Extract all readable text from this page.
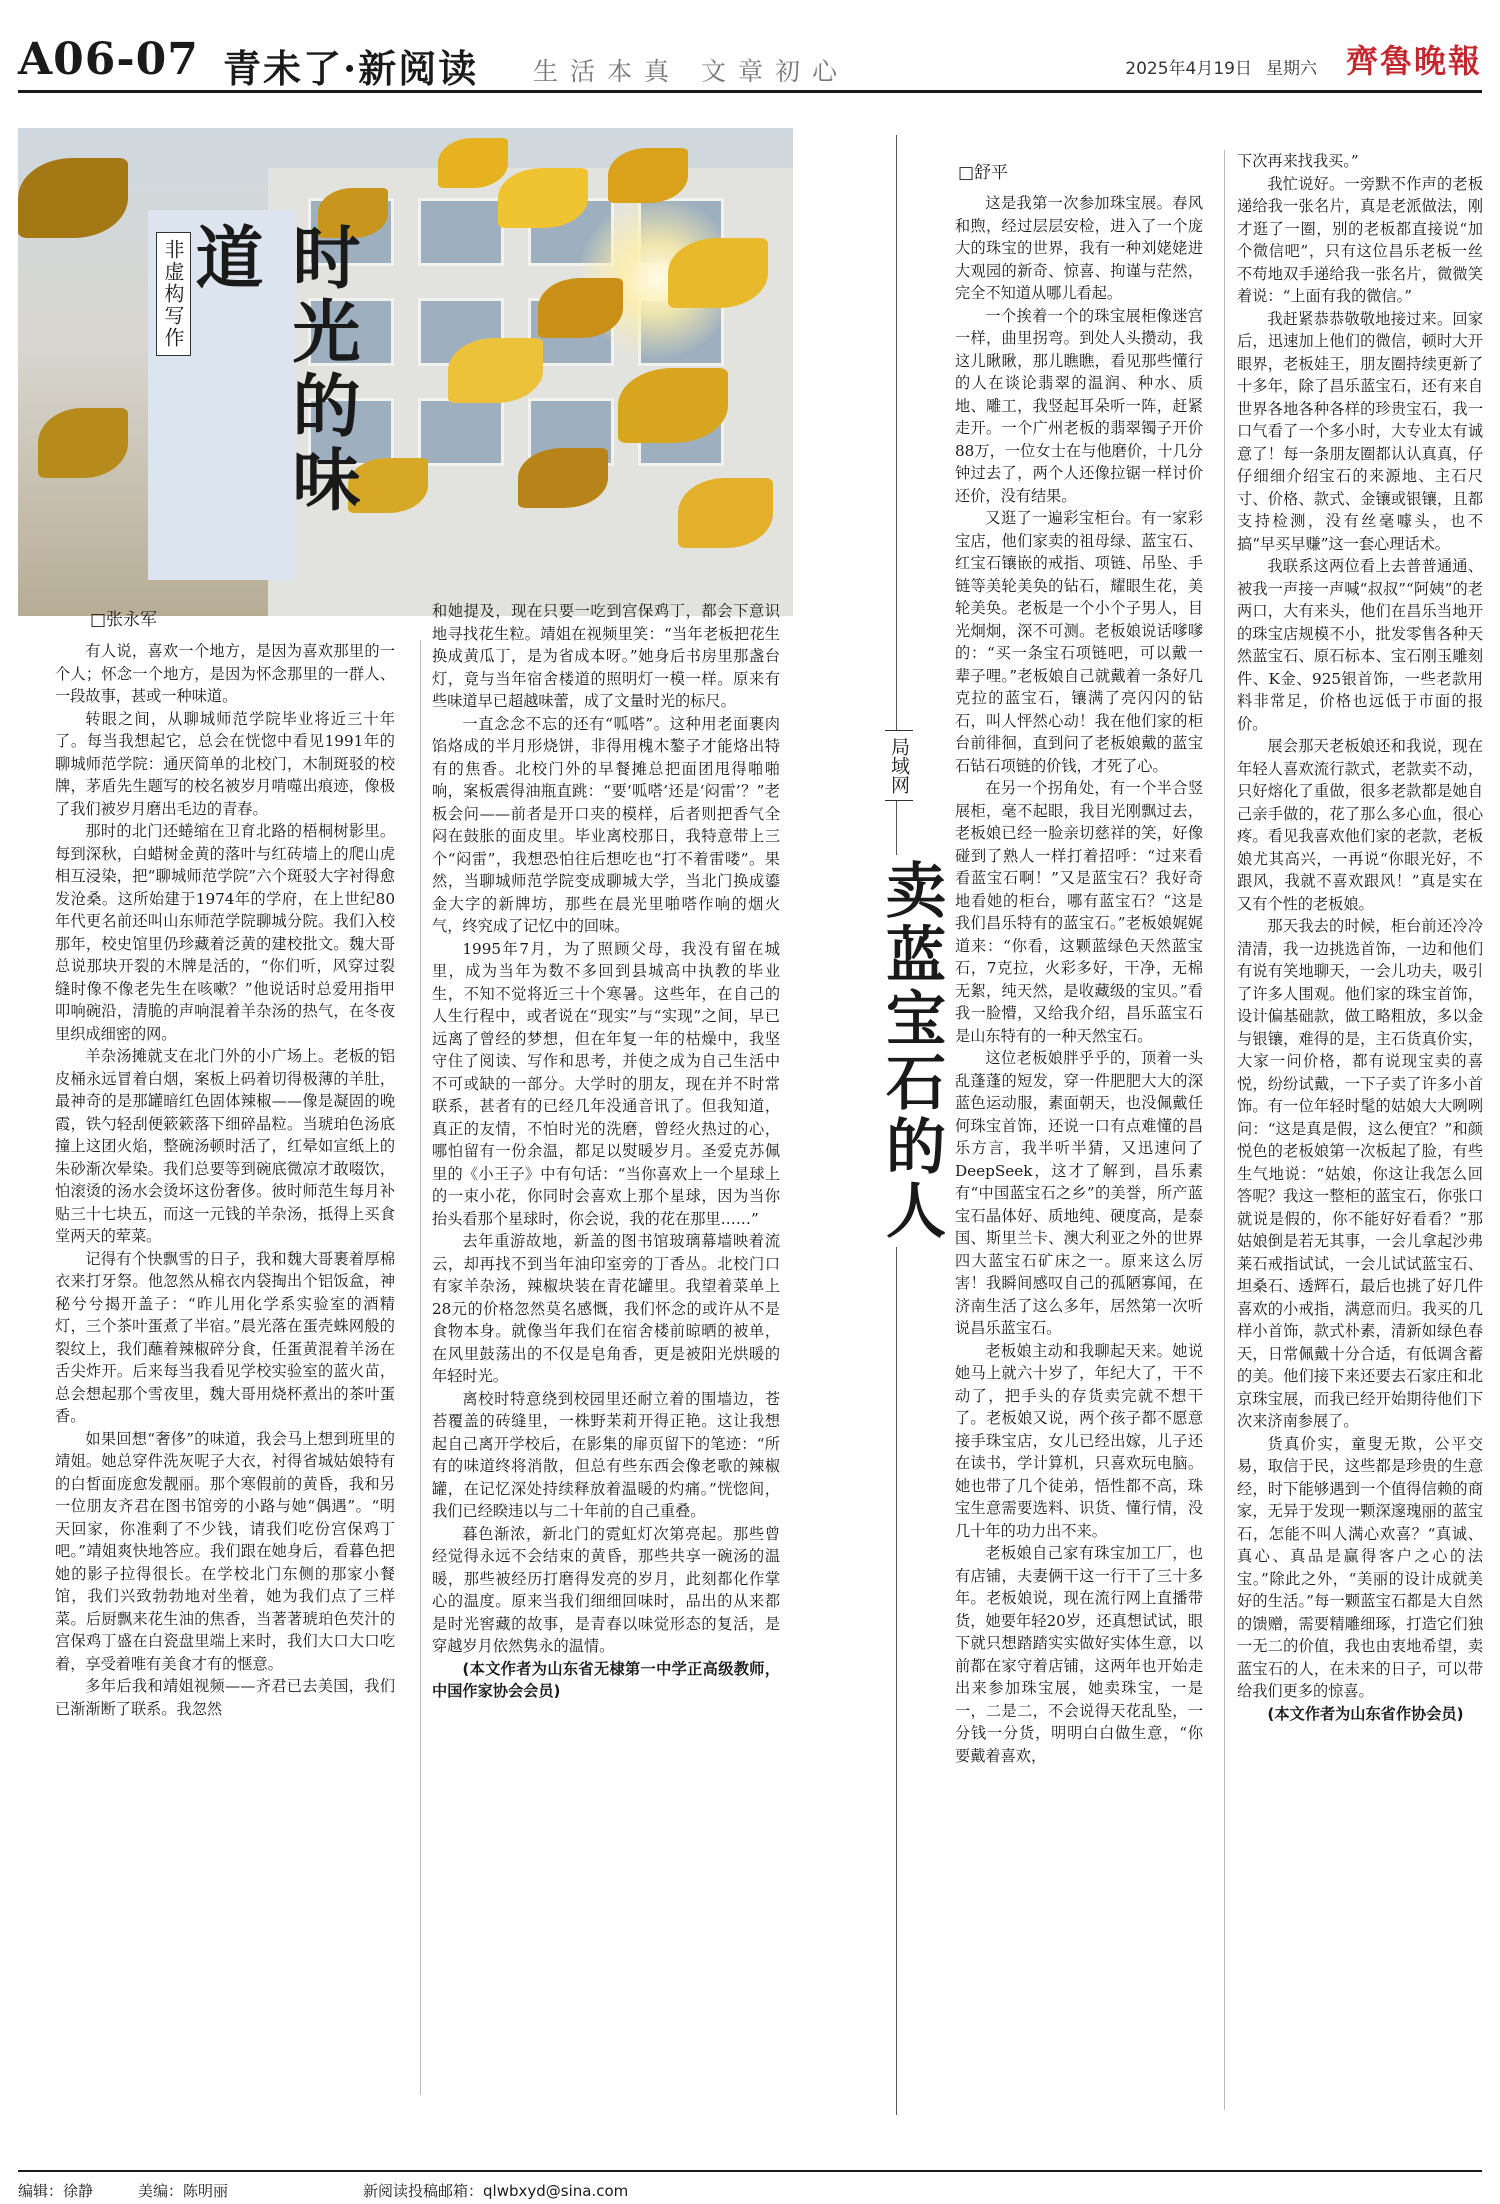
A06-07 青未了·新阅读 生活本真 文章初心	2025年4月19日 星期六 齊魯晚報
非虚构写作	时光的味道
□张永军

有人说，喜欢一个地方，是因为喜欢那里的一个人；怀念一个地方，是因为怀念那里的一群人、一段故事，甚或一种味道。

转眼之间，从聊城师范学院毕业将近三十年了。每当我想起它，总会在恍惚中看见1991年的聊城师范学院：通厌简单的北校门，木制斑驳的校牌，茅盾先生题写的校名被岁月啃噬出痕迹，像极了我们被岁月磨出毛边的青春。

那时的北门还蜷缩在卫育北路的梧桐树影里。每到深秋，白蜡树金黄的落叶与红砖墙上的爬山虎相互浸染，把“聊城师范学院”六个斑驳大字衬得愈发沧桑。这所始建于1974年的学府，在上世纪80年代更名前还叫山东师范学院聊城分院。我们入校那年，校史馆里仍珍藏着泛黄的建校批文。魏大哥总说那块开裂的木牌是活的，“你们听，风穿过裂缝时像不像老先生在咳嗽？”他说话时总爱用指甲叩响碗沿，清脆的声响混着羊杂汤的热气，在冬夜里织成细密的网。

羊杂汤摊就支在北门外的小广场上。老板的铝皮桶永远冒着白烟，案板上码着切得极薄的羊肚，最神奇的是那罐暗红色固体辣椒——像是凝固的晚霞，铁勺轻刮便簌簌落下细碎晶粒。当琥珀色汤底撞上这团火焰，整碗汤顿时活了，红晕如宣纸上的朱砂渐次晕染。我们总要等到碗底微凉才敢啜饮，怕滚烫的汤水会烫坏这份奢侈。彼时师范生每月补贴三十七块五，而这一元钱的羊杂汤，抵得上买食堂两天的荤菜。

记得有个快飘雪的日子，我和魏大哥裹着厚棉衣来打牙祭。他忽然从棉衣内袋掏出个铝饭盒，神秘兮兮揭开盖子：“昨儿用化学系实验室的酒精灯，三个茶叶蛋煮了半宿。”晨光落在蛋壳蛛网般的裂纹上，我们蘸着辣椒碎分食，任蛋黄混着羊汤在舌尖炸开。后来每当我看见学校实验室的蓝火苗，总会想起那个雪夜里，魏大哥用烧杯煮出的茶叶蛋香。

如果回想“奢侈”的味道，我会马上想到班里的靖姐。她总穿件洗灰呢子大衣，衬得省城姑娘特有的白皙面庞愈发靓丽。那个寒假前的黄昏，我和另一位朋友齐君在图书馆旁的小路与她“偶遇”。“明天回家，你准剩了不少钱，请我们吃份宫保鸡丁吧。”靖姐爽快地答应。我们跟在她身后，看暮色把她的影子拉得很长。在学校北门东侧的那家小餐馆，我们兴致勃勃地对坐着，她为我们点了三样菜。后厨飘来花生油的焦香，当著著琥珀色芡汁的宫保鸡丁盛在白瓷盘里端上来时，我们大口大口吃着，享受着唯有美食才有的惬意。

多年后我和靖姐视频——齐君已去美国，我们已渐渐断了联系。我忽然

和她提及，现在只要一吃到宫保鸡丁，都会下意识地寻找花生粒。靖姐在视频里笑：“当年老板把花生换成黄瓜丁，是为省成本呀。”她身后书房里那盏台灯，竟与当年宿舍楼道的照明灯一模一样。原来有些味道早已超越味蕾，成了文量时光的标尺。

一直念念不忘的还有“呱嗒”。这种用老面裹肉馅烙成的半月形烧饼，非得用槐木鏊子才能烙出特有的焦香。北校门外的早餐摊总把面团甩得啪啪响，案板震得油瓶直跳：“要‘呱嗒’还是‘闷雷’？”老板会问——前者是开口夹的模样，后者则把香气全闷在鼓胀的面皮里。毕业离校那日，我特意带上三个“闷雷”，我想恐怕往后想吃也“打不着雷喽”。果然，当聊城师范学院变成聊城大学，当北门换成鎏金大字的新牌坊，那些在晨光里啪嗒作响的烟火气，终究成了记忆中的回味。

1995年7月，为了照顾父母，我没有留在城里，成为当年为数不多回到县城高中执教的毕业生，不知不觉将近三十个寒暑。这些年，在自己的人生行程中，或者说在“现实”与“实现”之间，早已远离了曾经的梦想，但在年复一年的枯燥中，我坚守住了阅读、写作和思考，并使之成为自己生活中不可或缺的一部分。大学时的朋友，现在并不时常联系，甚者有的已经几年没通音讯了。但我知道，真正的友情，不怕时光的洗磨，曾经火热过的心，哪怕留有一份余温，都足以熨暖岁月。圣爱克苏佩里的《小王子》中有句话：“当你喜欢上一个星球上的一束小花，你同时会喜欢上那个星球，因为当你抬头看那个星球时，你会说，我的花在那里……”

去年重游故地，新盖的图书馆玻璃幕墙映着流云，却再找不到当年油印室旁的丁香丛。北校门口有家羊杂汤，辣椒块装在青花罐里。我望着菜单上28元的价格忽然莫名感慨，我们怀念的或许从不是食物本身。就像当年我们在宿舍楼前晾晒的被单，在风里鼓荡出的不仅是皂角香，更是被阳光烘暖的年轻时光。

离校时特意绕到校园里还耐立着的围墙边，苍苔覆盖的砖缝里，一株野苿莉开得正艳。这让我想起自己离开学校后，在影集的扉页留下的笔迹：“所有的味道终将消散，但总有些东西会像老歌的辣椒罐，在记忆深处持续释放着温暖的灼痛。”恍惚间，我们已经睽违以与二十年前的自己重叠。

暮色渐浓，新北门的霓虹灯次第亮起。那些曾经觉得永远不会结束的黄昏，那些共享一碗汤的温暖，那些被经历打磨得发亮的岁月，此刻都化作掌心的温度。原来当我们细细回味时，品出的从来都是时光窖藏的故事，是青春以味觉形态的复活，是穿越岁月依然隽永的温情。

(本文作者为山东省无棣第一中学正高级教师，中国作家协会会员)

局域网
卖蓝宝石的人
□舒平

这是我第一次参加珠宝展。春风和煦，经过层层安检，进入了一个庞大的珠宝的世界，我有一种刘姥姥进大观园的新奇、惊喜、拘谨与茫然，完全不知道从哪儿看起。

一个挨着一个的珠宝展柜像迷宫一样，曲里拐弯。到处人头攒动，我这儿瞅瞅，那儿瞧瞧，看见那些懂行的人在谈论翡翠的温润、种水、质地、雕工，我竖起耳朵听一阵，赶紧走开。一个广州老板的翡翠镯子开价88万，一位女士在与他磨价，十几分钟过去了，两个人还像拉锯一样讨价还价，没有结果。

又逛了一遍彩宝柜台。有一家彩宝店，他们家卖的祖母绿、蓝宝石、红宝石镶嵌的戒指、项链、吊坠、手链等美轮美奂的钻石，耀眼生花，美轮美奂。老板是一个小个子男人，目光炯炯，深不可测。老板娘说话嗲嗲的：“买一条宝石项链吧，可以戴一辈子哩。”老板娘自己就戴着一条好几克拉的蓝宝石，镶满了亮闪闪的钻石，叫人怦然心动！我在他们家的柜台前徘徊，直到问了老板娘戴的蓝宝石钻石项链的价钱，才死了心。

在另一个拐角处，有一个半合竖展柜，毫不起眼，我目光刚飘过去，老板娘已经一脸亲切慈祥的笑，好像碰到了熟人一样打着招呼：“过来看看蓝宝石啊！”又是蓝宝石？我好奇地看她的柜台，哪有蓝宝石？“这是我们昌乐特有的蓝宝石。”老板娘娓娓道来：“你看，这颗蓝绿色天然蓝宝石，7克拉，火彩多好，干净，无棉无絮，纯天然，是收藏级的宝贝。”看我一脸懵，又给我介绍，昌乐蓝宝石是山东特有的一种天然宝石。

这位老板娘胖乎乎的，顶着一头乱蓬蓬的短发，穿一件肥肥大大的深蓝色运动服，素面朝天，也没佩戴任何珠宝首饰，还说一口有点难懂的昌乐方言，我半听半猜，又迅速问了DeepSeek，这才了解到，昌乐素有“中国蓝宝石之乡”的美誉，所产蓝宝石晶体好、质地纯、硬度高，是泰国、斯里兰卡、澳大利亚之外的世界四大蓝宝石矿床之一。原来这么厉害！我瞬间感叹自己的孤陋寡闻，在济南生活了这么多年，居然第一次听说昌乐蓝宝石。

老板娘主动和我聊起天来。她说她马上就六十岁了，年纪大了，干不动了，把手头的存货卖完就不想干了。老板娘又说，两个孩子都不愿意接手珠宝店，女儿已经出嫁，儿子还在读书，学计算机，只喜欢玩电脑。她也带了几个徒弟，悟性都不高，珠宝生意需要选料、识货、懂行情，没几十年的功力出不来。

老板娘自己家有珠宝加工厂，也有店铺，夫妻俩干这一行干了三十多年。老板娘说，现在流行网上直播带货，她要年轻20岁，还真想试试，眼下就只想踏踏实实做好实体生意，以前都在家守着店铺，这两年也开始走出来参加珠宝展，她卖珠宝，一是一，二是二，不会说得天花乱坠，一分钱一分货，明明白白做生意，“你要戴着喜欢，

下次再来找我买。”

我忙说好。一旁默不作声的老板递给我一张名片，真是老派做法，刚才逛了一圈，别的老板都直接说“加个微信吧”，只有这位昌乐老板一丝不苟地双手递给我一张名片，微微笑着说：“上面有我的微信。”

我赶紧恭恭敬敬地接过来。回家后，迅速加上他们的微信，顿时大开眼界，老板娃王，朋友圈持续更新了十多年，除了昌乐蓝宝石，还有来自世界各地各种各样的珍贵宝石，我一口气看了一个多小时，大专业太有诚意了！每一条朋友圈都认认真真，仔仔细细介绍宝石的来源地、主石尺寸、价格、款式、金镶或银镶，且都支持检测，没有丝毫噱头，也不搞“早买早赚”这一套心理话术。

我联系这两位看上去普普通通、被我一声接一声喊“叔叔”“阿姨”的老两口，大有来头，他们在昌乐当地开的珠宝店规模不小，批发零售各种天然蓝宝石、原石标本、宝石刚玉雕刻件、K金、925银首饰，一些老款用料非常足，价格也远低于市面的报价。

展会那天老板娘还和我说，现在年轻人喜欢流行款式，老款卖不动，只好熔化了重做，很多老款都是她自己亲手做的，花了那么多心血，很心疼。看见我喜欢他们家的老款，老板娘尤其高兴，一再说“你眼光好，不跟风，我就不喜欢跟风！”真是实在又有个性的老板娘。

那天我去的时候，柜台前还冷冷清清，我一边挑选首饰，一边和他们有说有笑地聊天，一会儿功夫，吸引了许多人围观。他们家的珠宝首饰，设计偏基础款，做工略粗放，多以金与银镶，难得的是，主石货真价实，大家一问价格，都有说现宝卖的喜悦，纷纷试戴，一下子卖了许多小首饰。有一位年轻时髦的姑娘大大咧咧问：“这是真是假，这么便宜？”和颜悦色的老板娘第一次板起了脸，有些生气地说：“姑娘，你这让我怎么回答呢？我这一整柜的蓝宝石，你张口就说是假的，你不能好好看看？”那姑娘倒是若无其事，一会儿拿起沙弗莱石戒指试试，一会儿试试蓝宝石、坦桑石、透辉石，最后也挑了好几件喜欢的小戒指，满意而归。我买的几样小首饰，款式朴素，清新如绿色春天，日常佩戴十分合适，有低调含蓄的美。他们接下来还要去石家庄和北京珠宝展，而我已经开始期待他们下次来济南参展了。

货真价实，童叟无欺，公平交易，取信于民，这些都是珍贵的生意经，时下能够遇到一个值得信赖的商家，无异于发现一颗深邃瑰丽的蓝宝石，怎能不叫人满心欢喜？“真诚、真心、真品是赢得客户之心的法宝。”除此之外，“美丽的设计成就美好的生活。”每一颗蓝宝石都是大自然的馈赠，需要精雕细琢，打造它们独一无二的价值，我也由衷地希望，卖蓝宝石的人，在未来的日子，可以带给我们更多的惊喜。

(本文作者为山东省作协会员)

编辑：徐静	美编：陈明丽	新阅读投稿邮箱：qlwbxyd@sina.com
